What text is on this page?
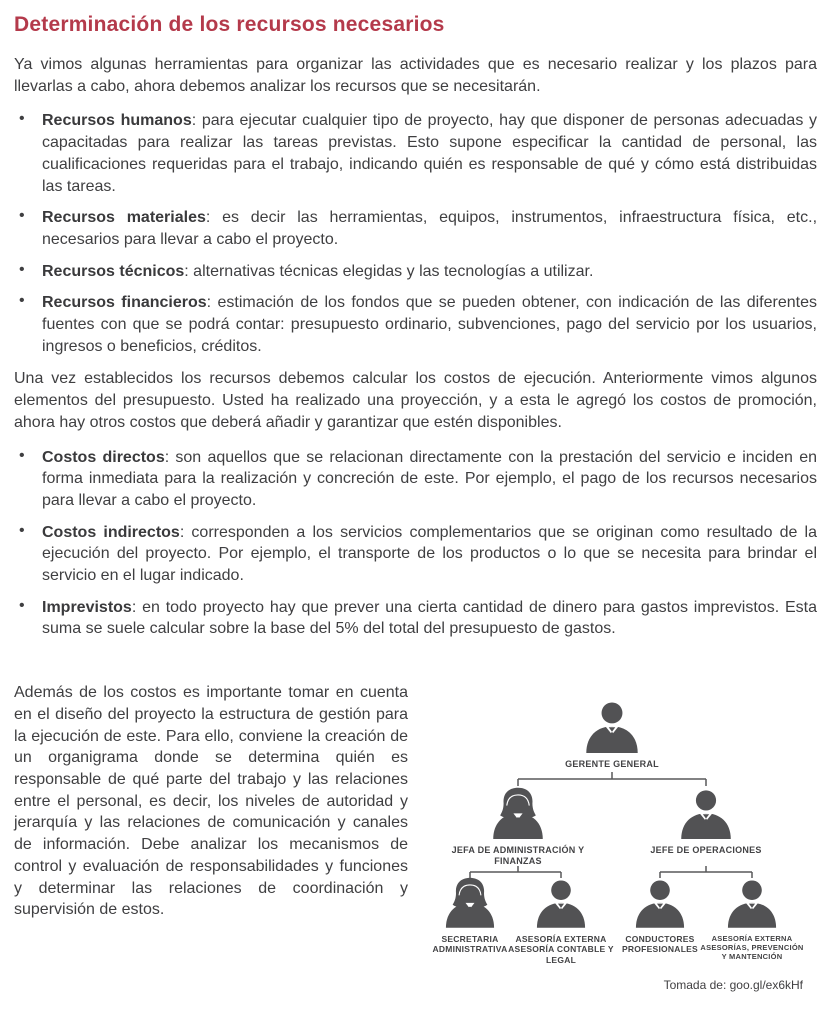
Determinación de los recursos necesarios

Ya vimos algunas herramientas para organizar las actividades que es necesario realizar y los plazos para llevarlas a cabo, ahora debemos analizar los recursos que se necesitarán.

•	Recursos humanos: para ejecutar cualquier tipo de proyecto, hay que disponer de personas adecuadas y capacitadas para realizar las tareas previstas. Esto supone especificar la cantidad de personal, las cualificaciones requeridas para el trabajo, indicando quién es responsable de qué y cómo está distribuidas las tareas.

•	Recursos materiales: es decir las herramientas, equipos, instrumentos, infraestructura física, etc., necesarios para llevar a cabo el proyecto.

•	Recursos técnicos: alternativas técnicas elegidas y las tecnologías a utilizar.

•	Recursos financieros: estimación de los fondos que se pueden obtener, con indicación de las diferentes fuentes con que se podrá contar: presupuesto ordinario, subvenciones, pago del servicio por los usuarios, ingresos o beneficios, créditos.

Una vez establecidos los recursos debemos calcular los costos de ejecución. Anteriormente vimos algunos elementos del presupuesto. Usted ha realizado una proyección, y a esta le agregó los costos de promoción, ahora hay otros costos que deberá añadir y garantizar que estén disponibles.

•	Costos directos: son aquellos que se relacionan directamente con la prestación del servicio e inciden en forma inmediata para la realización y concreción de este. Por ejemplo, el pago de los recursos necesarios para llevar a cabo el proyecto.

•	Costos indirectos: corresponden a los servicios complementarios que se originan como resultado de la ejecución del proyecto. Por ejemplo, el transporte de los productos o lo que se necesita para brindar el servicio en el lugar indicado.

•	Imprevistos: en todo proyecto hay que prever una cierta cantidad de dinero para gastos imprevistos. Esta suma se suele calcular sobre la base del 5% del total del presupuesto de gastos.

Además de los costos es importante tomar en cuenta en el diseño del proyecto la estructura de gestión para la ejecución de este. Para ello, conviene la creación de un organigrama donde se determina quién es responsable de qué parte del trabajo y las relaciones entre el personal, es decir, los niveles de autoridad y jerarquía y las relaciones de comunicación y canales de información. Debe analizar los mecanismos de control y evaluación de responsabilidades y funciones y determinar las relaciones de coordinación y supervisión de estos.

GERENTE GENERAL
JEFA DE ADMINISTRACIÓN Y FINANZAS
JEFE DE OPERACIONES
SECRETARIA ADMINISTRATIVA
ASESORÍA EXTERNA ASESORÍA CONTABLE Y LEGAL
CONDUCTORES PROFESIONALES
ASESORÍA EXTERNA ASESORÍAS, PREVENCIÓN Y MANTENCIÓN
Tomada de: goo.gl/ex6kHf
